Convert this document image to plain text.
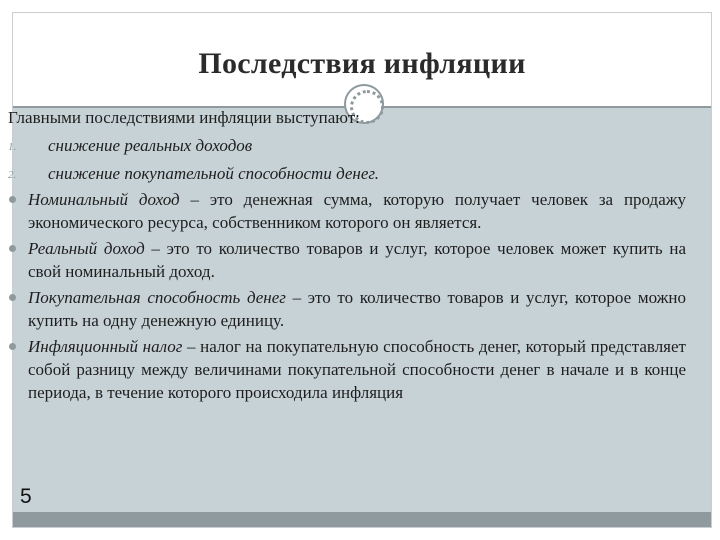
Последствия инфляции

Главными последствиями инфляции выступают:

1. снижение реальных доходов
2. снижение покупательной способности денег.
Номинальный доход – это денежная сумма, которую получает человек за продажу экономического ресурса, собственником которого он является.
Реальный доход – это то количество товаров и услуг, которое человек может купить на свой номинальный доход.
Покупательная способность денег – это то количество товаров и услуг, которое можно купить на одну денежную единицу.
Инфляционный налог – налог на покупательную способность денег, который представляет собой разницу между величинами покупательной способности денег в начале и в конце периода, в течение которого происходила инфляция
5
